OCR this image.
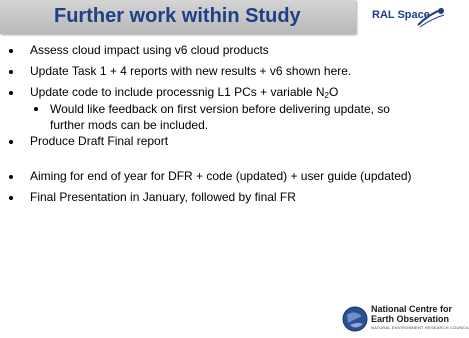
Further work within Study	RAL Space
Assess cloud impact using v6 cloud products
Update Task 1 + 4 reports with new results + v6 shown here.
Update code to include processnig L1 PCs + variable $N_2O$
Would like feedback on first version before delivering update, so further mods can be included.
Produce Draft Final report
Aiming for end of year for DFR + code (updated) + user guide (updated)
Final Presentation in January, followed by final FR
National Centre for
Earth Observation
NATURAL ENVIRONMENT RESEARCH COUNCIL
